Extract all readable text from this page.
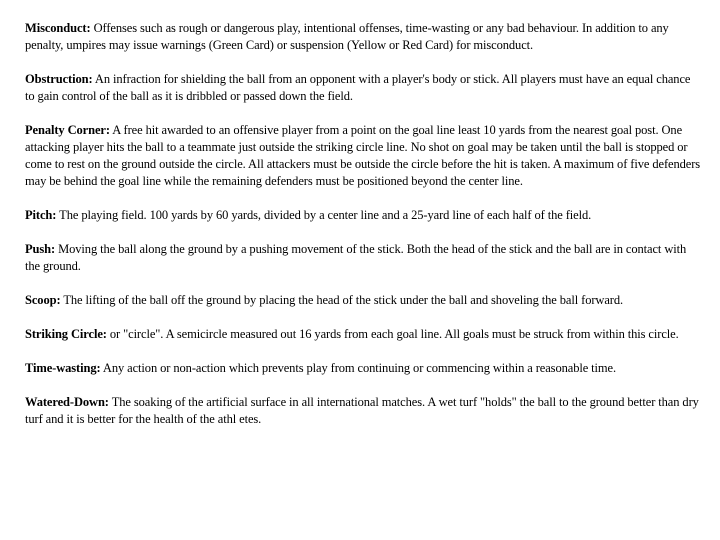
Misconduct: Offenses such as rough or dangerous play, intentional offenses, time-wasting or any bad behaviour. In addition to any penalty, umpires may issue warnings (Green Card) or suspension (Yellow or Red Card) for misconduct.

Obstruction: An infraction for shielding the ball from an opponent with a player's body or stick. All players must have an equal chance to gain control of the ball as it is dribbled or passed down the field.

Penalty Corner: A free hit awarded to an offensive player from a point on the goal line least 10 yards from the nearest goal post. One attacking player hits the ball to a teammate just outside the striking circle line. No shot on goal may be taken until the ball is stopped or come to rest on the ground outside the circle. All attackers must be outside the circle before the hit is taken. A maximum of five defenders may be behind the goal line while the remaining defenders must be positioned beyond the center line.

Pitch: The playing field. 100 yards by 60 yards, divided by a center line and a 25-yard line of each half of the field.

Push: Moving the ball along the ground by a pushing movement of the stick. Both the head of the stick and the ball are in contact with the ground.

Scoop: The lifting of the ball off the ground by placing the head of the stick under the ball and shoveling the ball forward.

Striking Circle: or "circle". A semicircle measured out 16 yards from each goal line. All goals must be struck from within this circle.

Time-wasting: Any action or non-action which prevents play from continuing or commencing within a reasonable time.

Watered-Down: The soaking of the artificial surface in all international matches. A wet turf "holds" the ball to the ground better than dry turf and it is better for the health of the athl etes.
